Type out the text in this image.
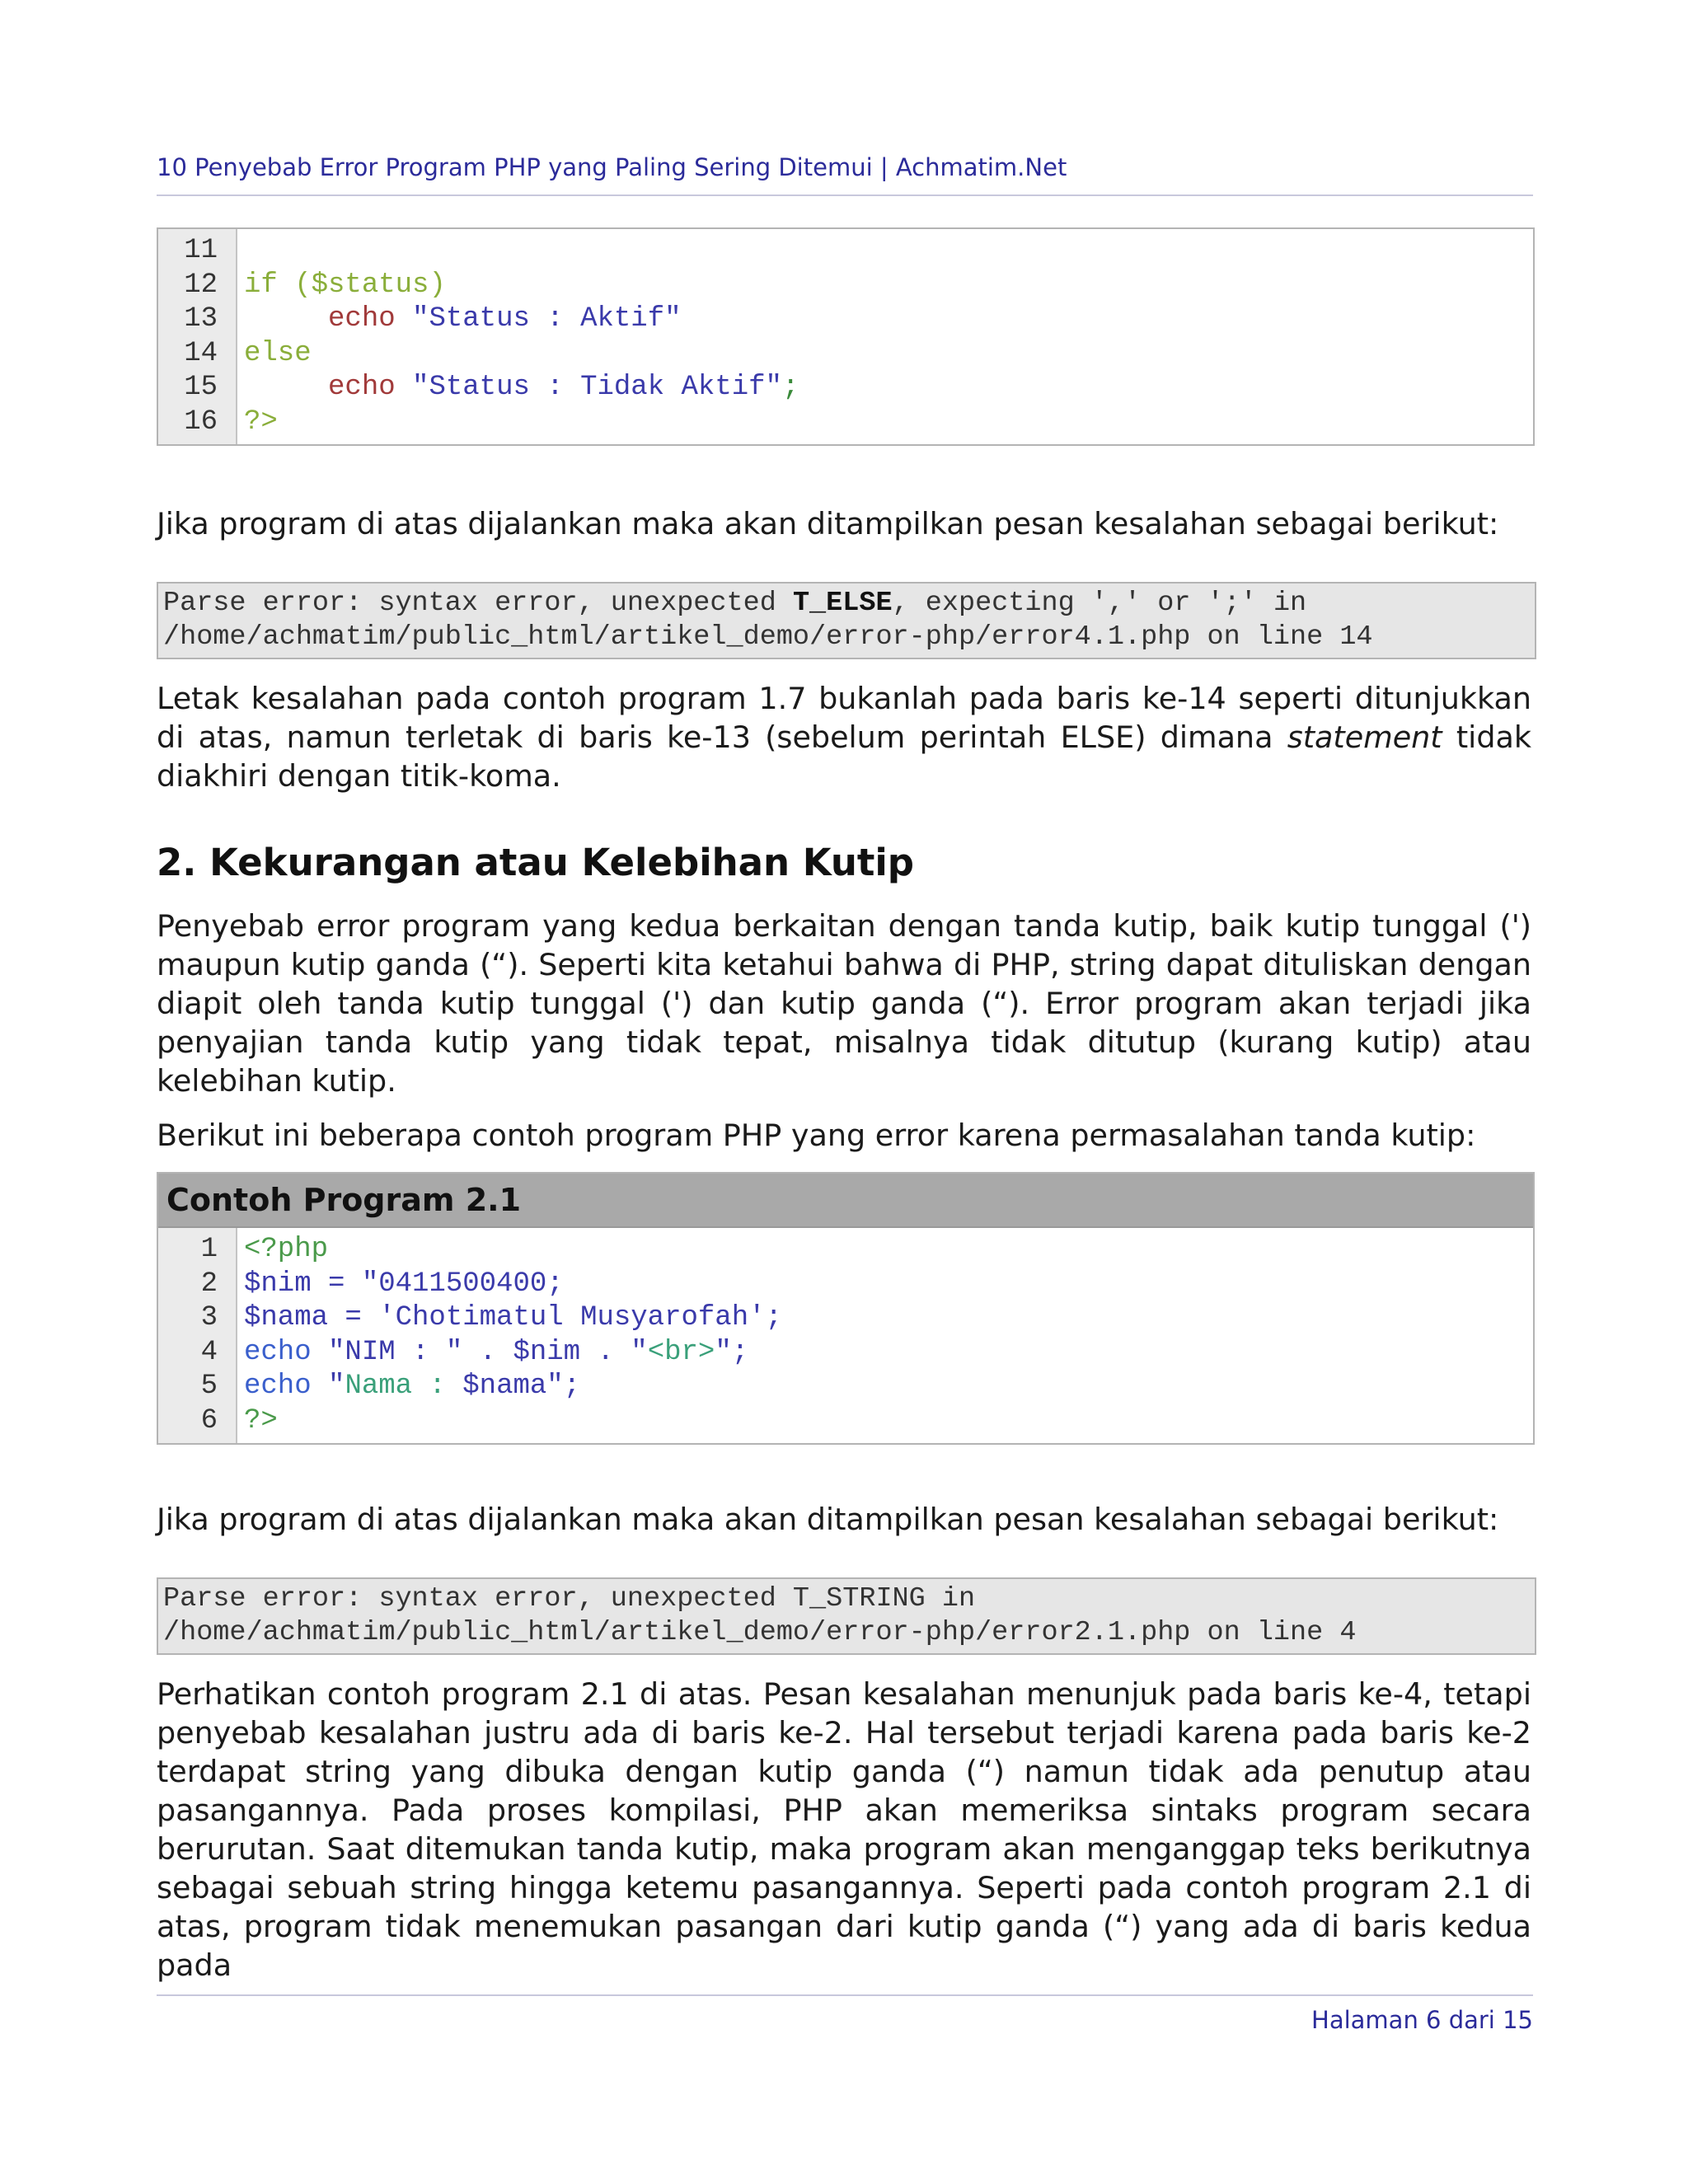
10 Penyebab Error Program PHP yang Paling Sering Ditemui | Achmatim.Net
11
12
13
14
15
16
if ($status)
echo "Status : Aktif"
else
echo "Status : Tidak Aktif";
?>
Jika program di atas dijalankan maka akan ditampilkan pesan kesalahan sebagai berikut:
Parse error: syntax error, unexpected T_ELSE, expecting ',' or ';' in
/home/achmatim/public_html/artikel_demo/error-php/error4.1.php on line 14
Letak kesalahan pada contoh program 1.7 bukanlah pada baris ke-14 seperti ditunjukkan di atas, namun terletak di baris ke-13 (sebelum perintah ELSE) dimana statement tidak diakhiri dengan titik-koma.
2. Kekurangan atau Kelebihan Kutip
Penyebab error program yang kedua berkaitan dengan tanda kutip, baik kutip tunggal (') maupun kutip ganda (“). Seperti kita ketahui bahwa di PHP, string dapat dituliskan dengan diapit oleh tanda kutip tunggal (') dan kutip ganda (“). Error program akan terjadi jika penyajian tanda kutip yang tidak tepat, misalnya tidak ditutup (kurang kutip) atau kelebihan kutip.
Berikut ini beberapa contoh program PHP yang error karena permasalahan tanda kutip:
Contoh Program 2.1
1
2
3
4
5
6
<?php
$nim = "0411500400;
$nama = 'Chotimatul Musyarofah';
echo "NIM : " . $nim . "<br>";
echo "Nama : $nama";
?>
Jika program di atas dijalankan maka akan ditampilkan pesan kesalahan sebagai berikut:
Parse error: syntax error, unexpected T_STRING in
/home/achmatim/public_html/artikel_demo/error-php/error2.1.php on line 4
Perhatikan contoh program 2.1 di atas. Pesan kesalahan menunjuk pada baris ke-4, tetapi penyebab kesalahan justru ada di baris ke-2. Hal tersebut terjadi karena pada baris ke-2 terdapat string yang dibuka dengan kutip ganda (“) namun tidak ada penutup atau pasangannya. Pada proses kompilasi, PHP akan memeriksa sintaks program secara berurutan. Saat ditemukan tanda kutip, maka program akan menganggap teks berikutnya sebagai sebuah string hingga ketemu pasangannya. Seperti pada contoh program 2.1 di atas, program tidak menemukan pasangan dari kutip ganda (“) yang ada di baris kedua pada
Halaman 6 dari 15
